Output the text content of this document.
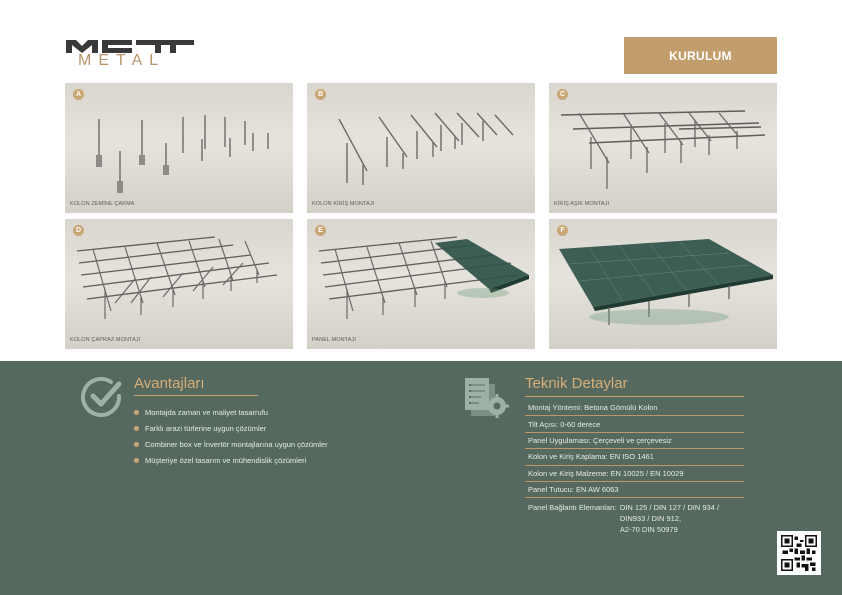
METAL	KURULUM
A
KOLON ZEMİNE ÇAKMA
B
KOLON KİRİŞ MONTAJI
C
KİRİŞ AŞIK MONTAJI
D
KOLON ÇAPRAZ MONTAJI
E
PANEL MONTAJI
F
Avantajları
Montajda zaman ve maliyet tasarrufu
Farklı arazi türlerine uygun çözümler
Combiner box ve İnvertör montajlarına uygun çözümler
Müşteriye özel tasarım ve mühendislik çözümleri
Teknik Detaylar
Montaj Yöntemi: Betona Gömülü Kolon
Tilt Açısı: 0-60 derece
Panel Uygulaması: Çerçeveli ve çerçevesiz
Kolon ve Kiriş Kaplama: EN ISO 1461
Kolon ve Kiriş Malzeme: EN 10025 / EN 10029
Panel Tutucu: EN AW 6063
Panel Bağlantı Elemanları: DIN 125 / DIN 127 / DIN 934 /
DIN933 / DIN 912,
A2-70 DIN 50979
